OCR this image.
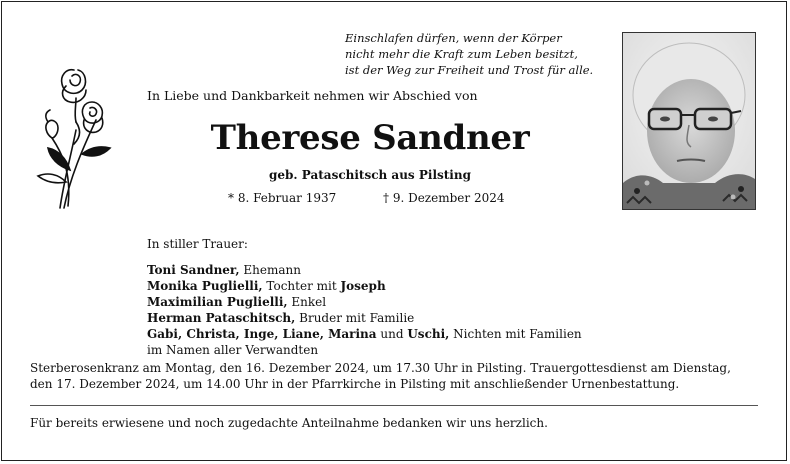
Einschlafen dürfen, wenn der Körper
nicht mehr die Kraft zum Leben besitzt,
ist der Weg zur Freiheit und Trost für alle.
In Liebe und Dankbarkeit nehmen wir Abschied von
Therese Sandner
geb. Pataschitsch aus Pilsting
* 8. Februar 1937	† 9. Dezember 2024
In stiller Trauer:
Toni Sandner, Ehemann
Monika Puglielli, Tochter mit Joseph
Maximilian Puglielli, Enkel
Herman Pataschitsch, Bruder mit Familie
Gabi, Christa, Inge, Liane, Marina und Uschi, Nichten mit Familien
im Namen aller Verwandten
Sterberosenkranz am Montag, den 16. Dezember 2024, um 17.30 Uhr in Pilsting. Trauergottesdienst am Dienstag,
den 17. Dezember 2024, um 14.00 Uhr in der Pfarrkirche in Pilsting mit anschließender Urnenbestattung.
Für bereits erwiesene und noch zugedachte Anteilnahme bedanken wir uns herzlich.
